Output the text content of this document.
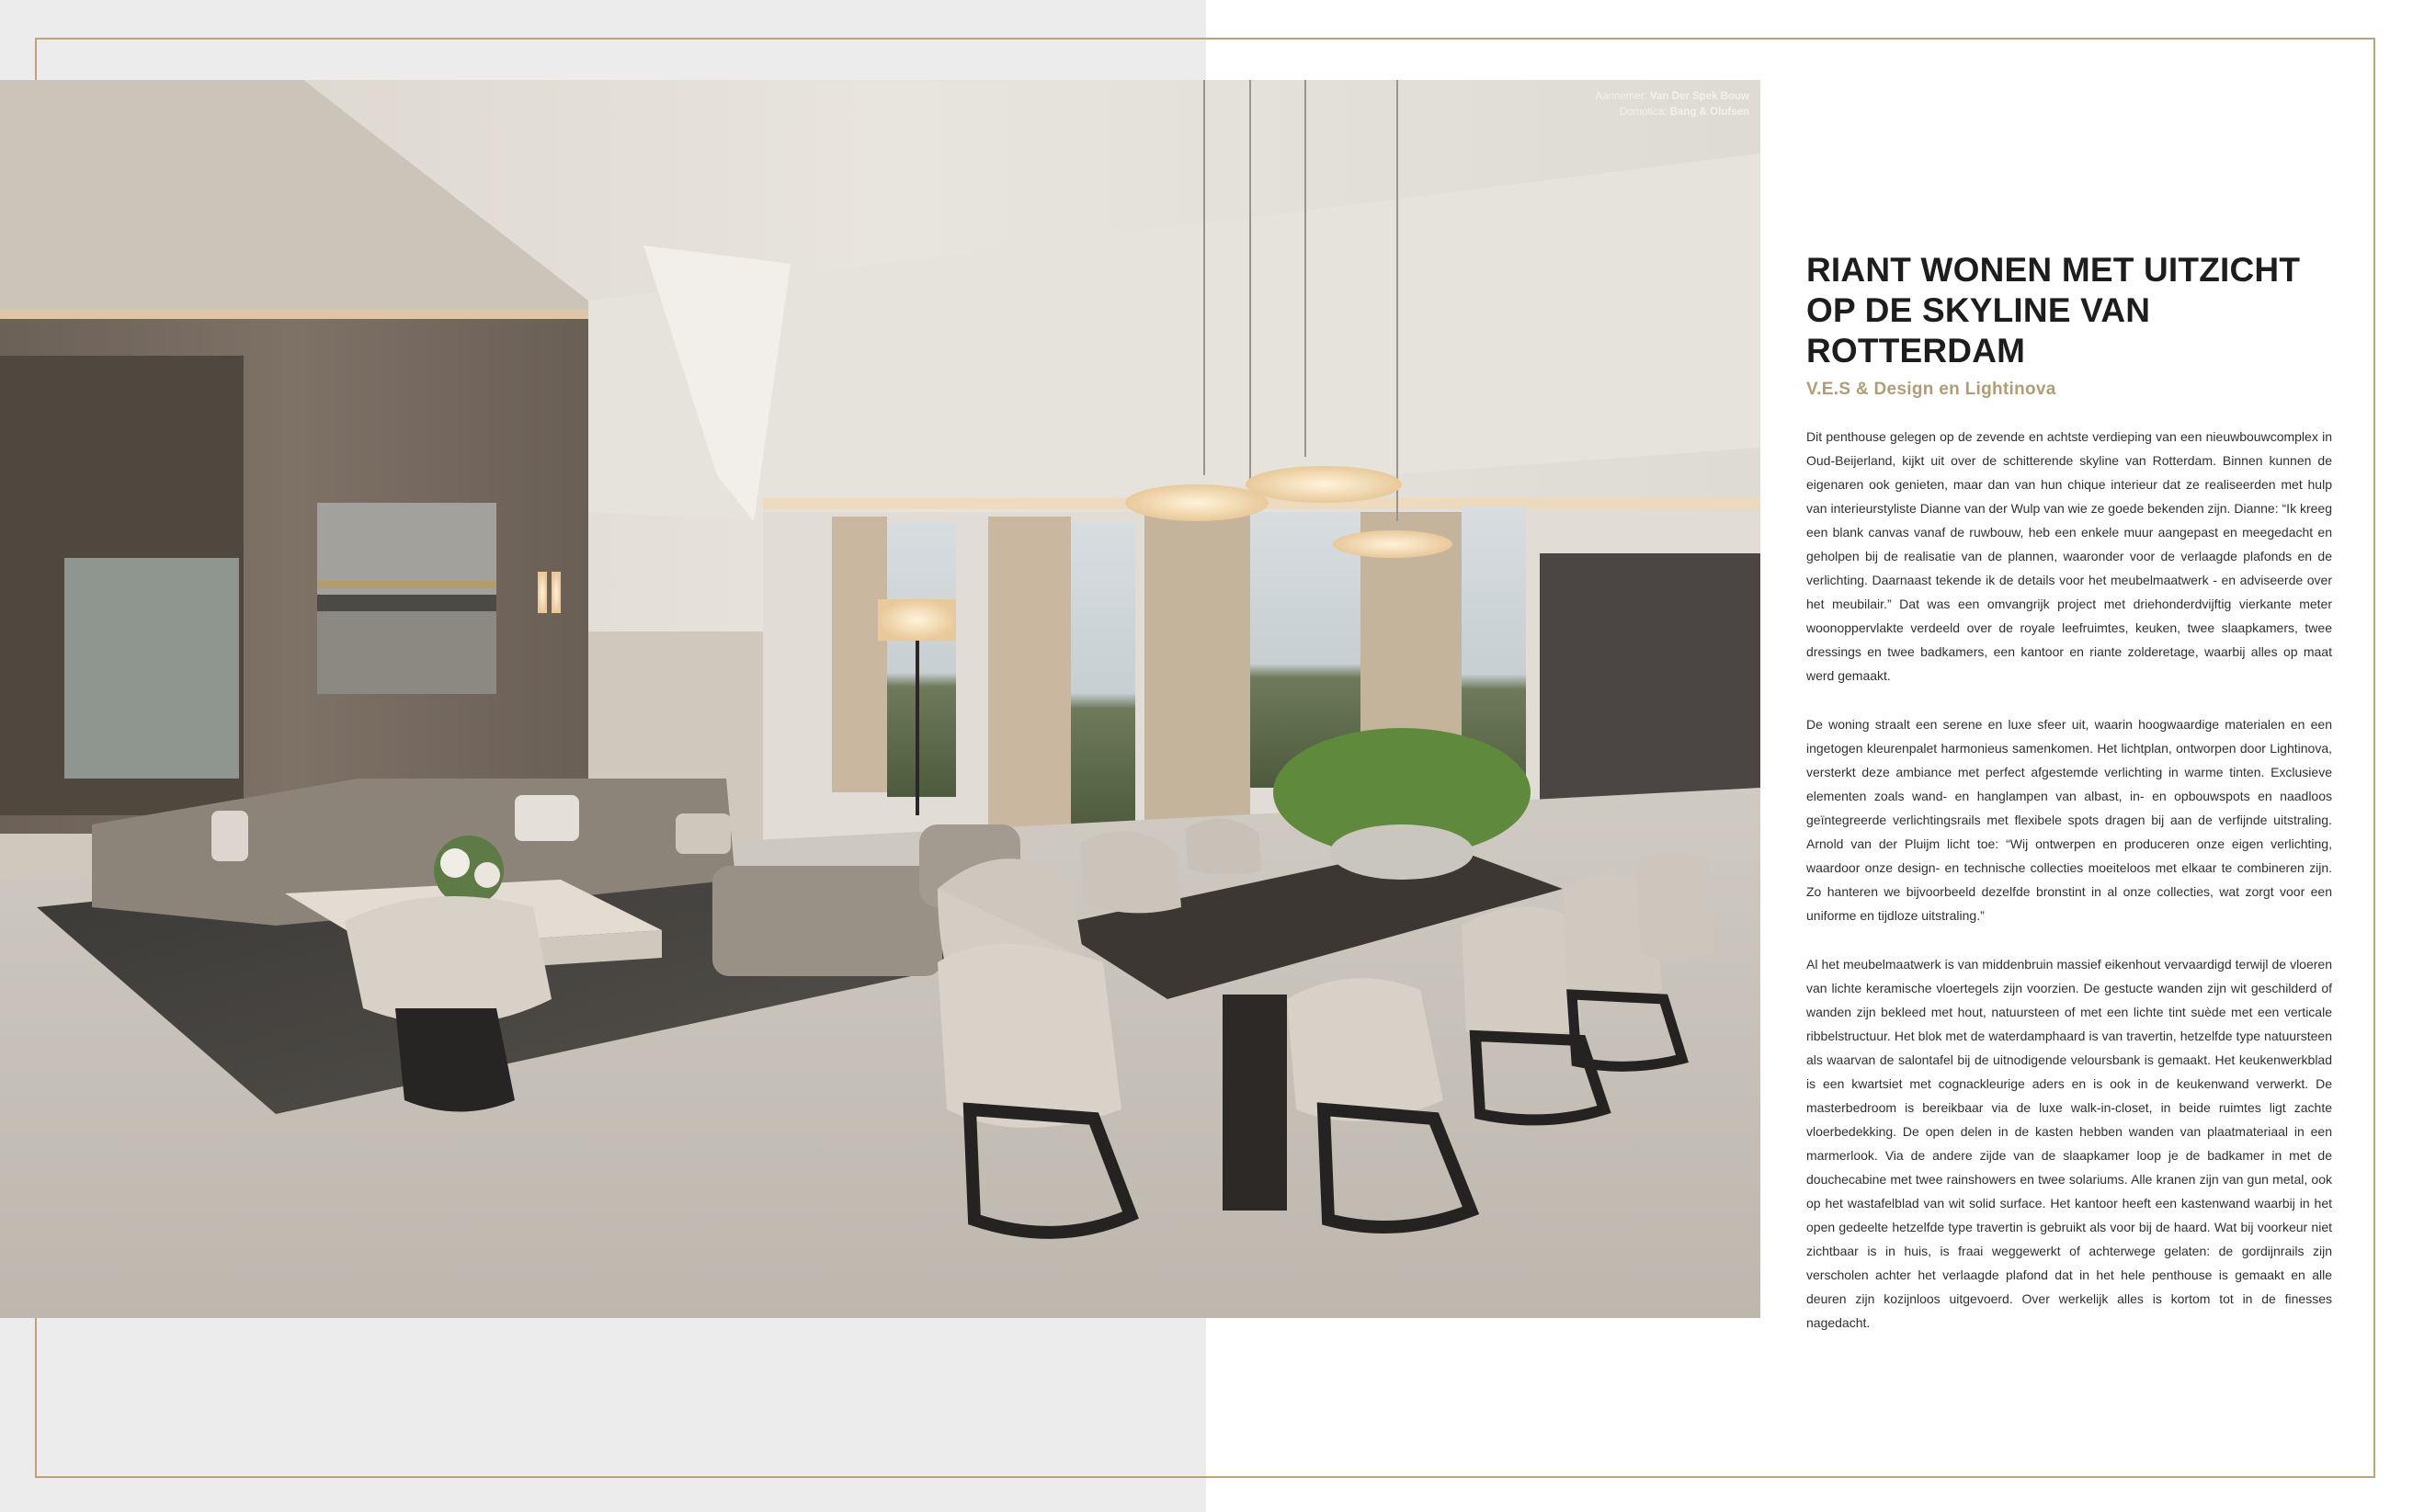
Aannemer: Van Der Spek Bouw
Domotica: Bang & Olufsen
RIANT WONEN MET UITZICHT
OP DE SKYLINE VAN ROTTERDAM
V.E.S & Design en Lightinova

Dit penthouse gelegen op de zevende en achtste verdieping van een nieuwbouwcomplex in Oud-Beijerland, kijkt uit over de schitterende skyline van Rotterdam. Binnen kunnen de eigenaren ook genieten, maar dan van hun chique interieur dat ze realiseerden met hulp van interieurstyliste Dianne van der Wulp van wie ze goede bekenden zijn. Dianne: “Ik kreeg een blank canvas vanaf de ruwbouw, heb een enkele muur aangepast en meegedacht en geholpen bij de realisatie van de plannen, waaronder voor de verlaagde plafonds en de verlichting. Daarnaast tekende ik de details voor het meubelmaatwerk - en adviseerde over het meubilair.” Dat was een omvangrijk project met driehonderdvijftig vierkante meter woonoppervlakte verdeeld over de royale leefruimtes, keuken, twee slaapkamers, twee dressings en twee badkamers, een kantoor en riante zolderetage, waarbij alles op maat werd gemaakt.

De woning straalt een serene en luxe sfeer uit, waarin hoogwaardige materialen en een ingetogen kleurenpalet harmonieus samenkomen. Het lichtplan, ontworpen door Lightinova, versterkt deze ambiance met perfect afgestemde verlichting in warme tinten. Exclusieve elementen zoals wand- en hanglampen van albast, in- en opbouwspots en naadloos geïntegreerde verlichtingsrails met flexibele spots dragen bij aan de verfijnde uitstraling. Arnold van der Pluijm licht toe: “Wij ontwerpen en produceren onze eigen verlichting, waardoor onze design- en technische collecties moeiteloos met elkaar te combineren zijn. Zo hanteren we bijvoorbeeld dezelfde bronstint in al onze collecties, wat zorgt voor een uniforme en tijdloze uitstraling.”

Al het meubelmaatwerk is van middenbruin massief eikenhout vervaardigd terwijl de vloeren van lichte keramische vloertegels zijn voorzien. De gestucte wanden zijn wit geschilderd of wanden zijn bekleed met hout, natuursteen of met een lichte tint suède met een verticale ribbelstructuur. Het blok met de waterdamphaard is van travertin, hetzelfde type natuursteen als waarvan de salontafel bij de uitnodigende veloursbank is gemaakt. Het keukenwerkblad is een kwartsiet met cognackleurige aders en is ook in de keukenwand verwerkt. De masterbedroom is bereikbaar via de luxe walk-in-closet, in beide ruimtes ligt zachte vloerbedekking. De open delen in de kasten hebben wanden van plaatmateriaal in een marmerlook. Via de andere zijde van de slaapkamer loop je de badkamer in met de douchecabine met twee rainshowers en twee solariums. Alle kranen zijn van gun metal, ook op het wastafelblad van wit solid surface. Het kantoor heeft een kastenwand waarbij in het open gedeelte hetzelfde type travertin is gebruikt als voor bij de haard. Wat bij voorkeur niet zichtbaar is in huis, is fraai weggewerkt of achterwege gelaten: de gordijnrails zijn verscholen achter het verlaagde plafond dat in het hele penthouse is gemaakt en alle deuren zijn kozijnloos uitgevoerd. Over werkelijk alles is kortom tot in de finesses nagedacht.
